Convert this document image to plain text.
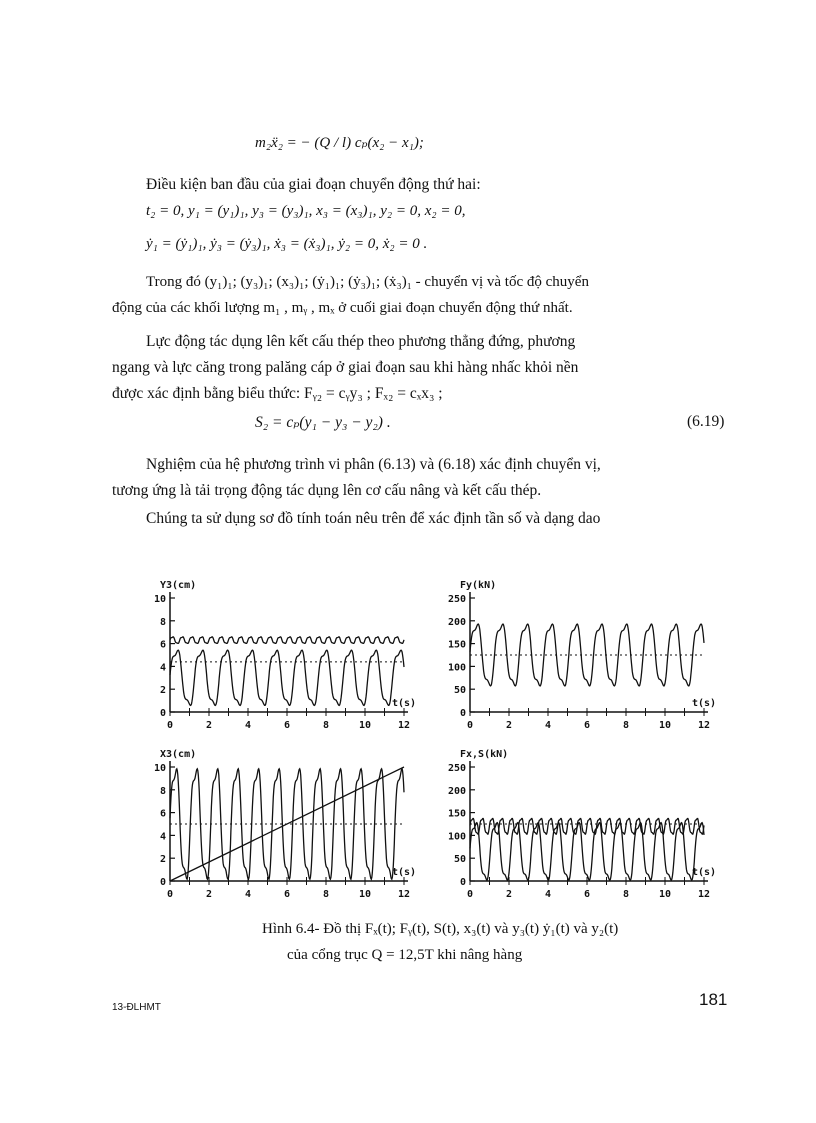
m₂ẍ₂ = − (Q / l) cₚ(x₂ − x₁);
Điều kiện ban đầu của giai đoạn chuyển động thứ hai:
t₂ = 0, y₁ = (y₁)₁, y₃ = (y₃)₁, x₃ = (x₃)₁, y₂ = 0, x₂ = 0,
ẏ₁ = (ẏ₁)₁, ẏ₃ = (ẏ₃)₁, ẋ₃ = (ẋ₃)₁, ẏ₂ = 0, ẋ₂ = 0 .
Trong đó (y₁)₁; (y₃)₁; (x₃)₁; (ẏ₁)₁; (ẏ₃)₁; (ẋ₃)₁ - chuyển vị và tốc độ chuyển
động của các khối lượng m₁ , mᵧ , mₓ ở cuối giai đoạn chuyển động thứ nhất.
Lực động tác dụng lên kết cấu thép theo phương thẳng đứng, phương
ngang và lực căng trong palăng cáp ở giai đoạn sau khi hàng nhấc khỏi nền
được xác định bằng biểu thức: Fᵧ₂ = cᵧy₃ ; Fₓ₂ = cₓx₃ ;
S₂ = cₚ(y₁ − y₃ − y₂) .	(6.19)
Nghiệm của hệ phương trình vi phân (6.13) và (6.18) xác định chuyển vị,
tương ứng là tải trọng động tác dụng lên cơ cấu nâng và kết cấu thép.
Chúng ta sử dụng sơ đồ tính toán nêu trên để xác định tần số và dạng dao
Y3(cm)
0
2
4
6
8
10
0	2	4	6	8	10	12
t(s)
Fy(kN)
0
50
100
150
200
250
0	2	4	6	8	10	12
t(s)
X3(cm)
0
2
4
6
8
10
0	2	4	6	8	10	12
t(s)
Fx,S(kN)
0
50
100
150
200
250
0	2	4	6	8	10	12
t(s)
Hình 6.4- Đồ thị Fₓ(t); Fᵧ(t), S(t), x₃(t) và y₃(t) ẏ₁(t) và y₂(t)
của cổng trục Q = 12,5T khi nâng hàng
13-ĐLHMT	181
